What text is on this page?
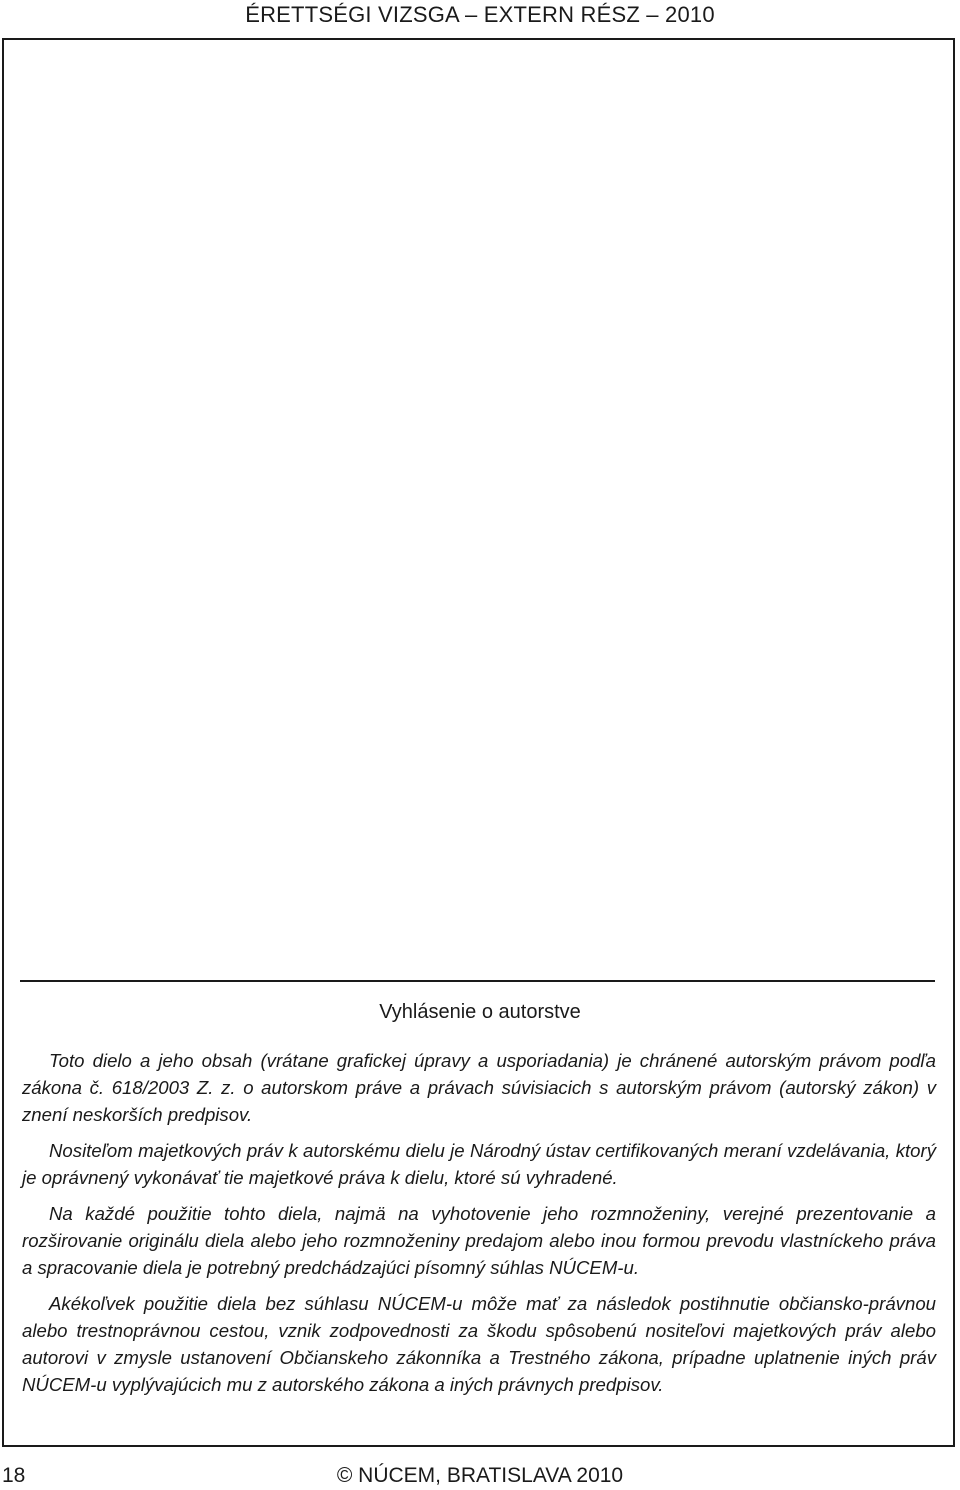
ÉRETTSÉGI VIZSGA – EXTERN RÉSZ – 2010
Vyhlásenie o autorstve

Toto dielo a jeho obsah (vrátane grafickej úpravy a usporiadania) je chránené autorským právom podľa zákona č. 618/2003 Z. z. o autorskom práve a právach súvisiacich s autorským právom (autorský zákon) v znení neskorších predpisov.

Nositeľom majetkových práv k autorskému dielu je Národný ústav certifikovaných meraní vzdelávania, ktorý je oprávnený vykonávať tie majetkové práva k dielu, ktoré sú vyhradené.

Na každé použitie tohto diela, najmä na vyhotovenie jeho rozmnoženiny, verejné prezentovanie a rozširovanie originálu diela alebo jeho rozmnoženiny predajom alebo inou formou prevodu vlastníckeho práva a spracovanie diela je potrebný predchádzajúci písomný súhlas NÚCEM-u.

Akékoľvek použitie diela bez súhlasu NÚCEM-u môže mať za následok postihnutie občiansko-právnou alebo trestnoprávnou cestou, vznik zodpovednosti za škodu spôsobenú nositeľovi majetkových práv alebo autorovi v zmysle ustanovení Občianskeho zákonníka a Trestného zákona, prípadne uplatnenie iných práv NÚCEM-u vyplývajúcich mu z autorského zákona a iných právnych predpisov.

18	© NÚCEM, BRATISLAVA 2010
